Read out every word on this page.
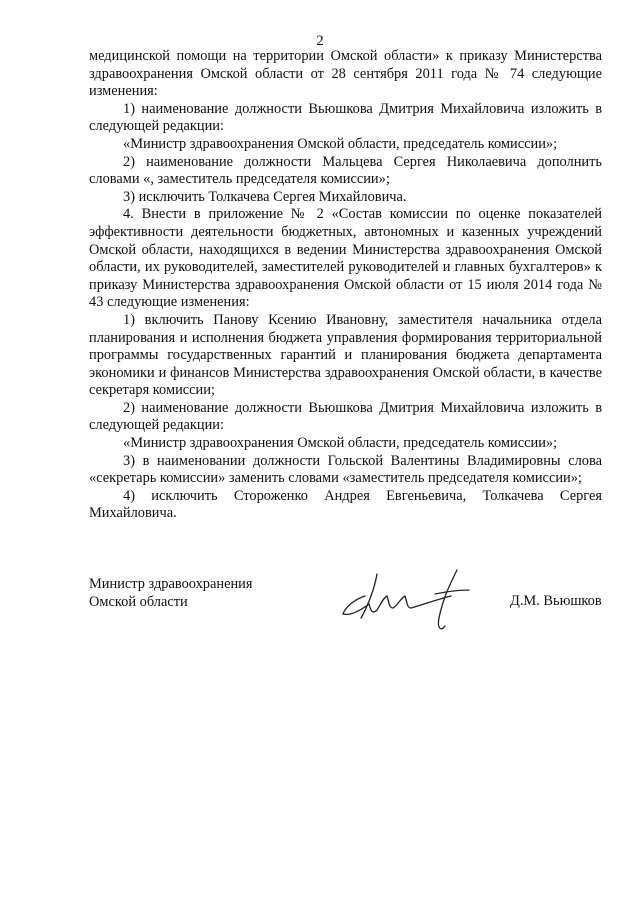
2

медицинской помощи на территории Омской области» к приказу Министерства здравоохранения Омской области от 28 сентября 2011 года № 74 следующие изменения:

1) наименование должности Вьюшкова Дмитрия Михайловича изложить в следующей редакции:

«Министр здравоохранения Омской области, председатель комиссии»;

2) наименование должности Мальцева Сергея Николаевича дополнить словами «, заместитель председателя комиссии»;

3) исключить Толкачева Сергея Михайловича.

4. Внести в приложение № 2 «Состав комиссии по оценке показателей эффективности деятельности бюджетных, автономных и казенных учреждений Омской области, находящихся в ведении Министерства здравоохранения Омской области, их руководителей, заместителей руководителей и главных бухгалтеров» к приказу Министерства здравоохранения Омской области от 15 июля 2014 года № 43 следующие изменения:

1) включить Панову Ксению Ивановну, заместителя начальника отдела планирования и исполнения бюджета управления формирования территориальной программы государственных гарантий и планирования бюджета департамента экономики и финансов Министерства здравоохранения Омской области, в качестве секретаря комиссии;

2) наименование должности Вьюшкова Дмитрия Михайловича изложить в следующей редакции:

«Министр здравоохранения Омской области, председатель комиссии»;

3) в наименовании должности Гольской Валентины Владимировны слова «секретарь комиссии» заменить словами «заместитель председателя комиссии»;

4) исключить Стороженко Андрея Евгеньевича, Толкачева Сергея Михайловича.

Министр здравоохранения
Омской области	Д.М. Вьюшков
